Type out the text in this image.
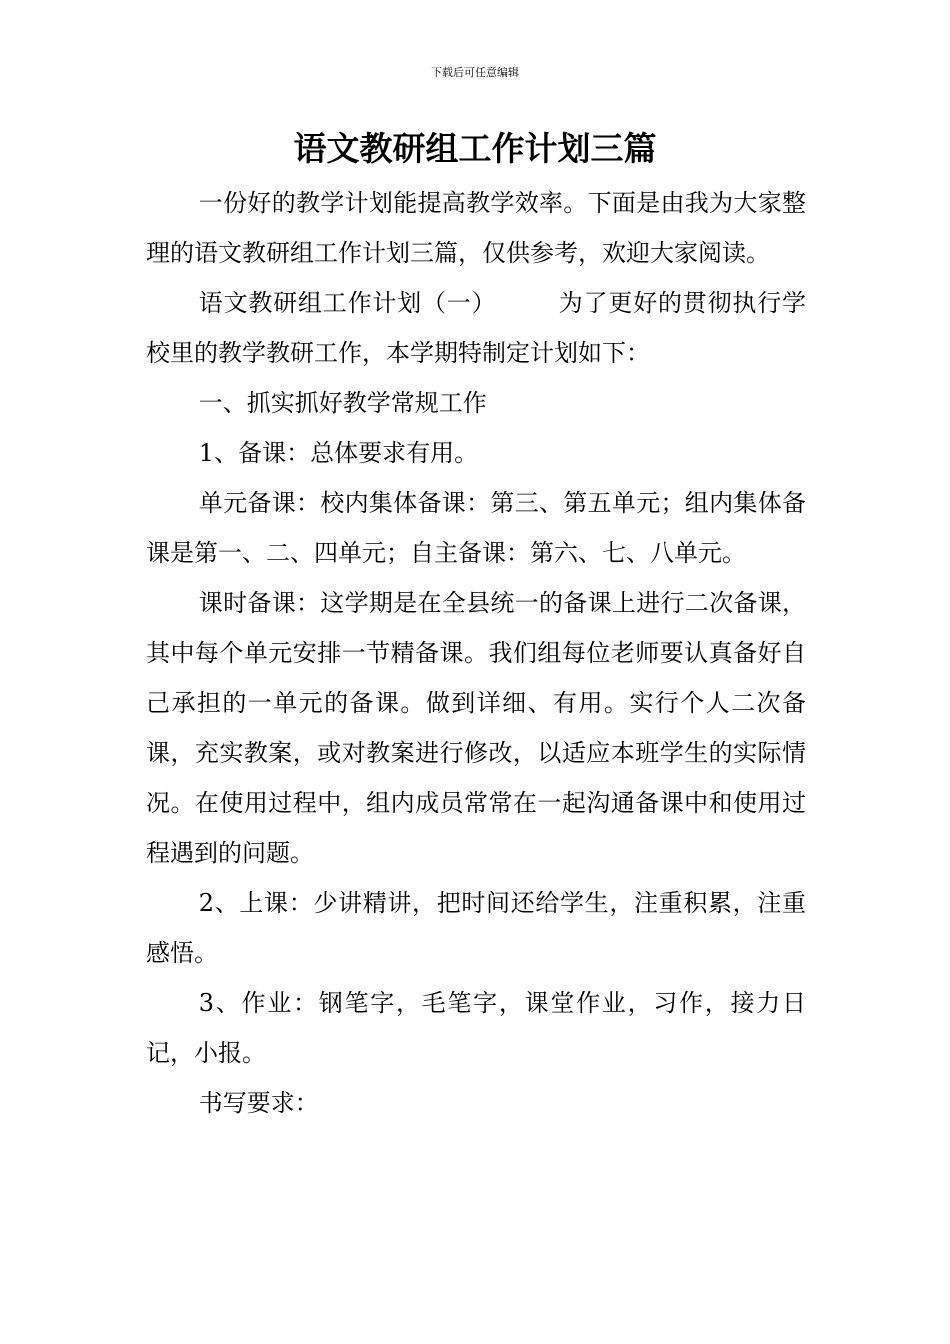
下载后可任意编辑
语文教研组工作计划三篇

一份好的教学计划能提高教学效率。下面是由我为大家整理的语文教研组工作计划三篇，仅供参考，欢迎大家阅读。

语文教研组工作计划（一）　　　为了更好的贯彻执行学校里的教学教研工作，本学期特制定计划如下：

一、抓实抓好教学常规工作

1、备课：总体要求有用。

单元备课：校内集体备课：第三、第五单元；组内集体备课是第一、二、四单元；自主备课：第六、七、八单元。

课时备课：这学期是在全县统一的备课上进行二次备课，其中每个单元安排一节精备课。我们组每位老师要认真备好自己承担的一单元的备课。做到详细、有用。实行个人二次备课，充实教案，或对教案进行修改，以适应本班学生的实际情况。在使用过程中，组内成员常常在一起沟通备课中和使用过程遇到的问题。

2、上课：少讲精讲，把时间还给学生，注重积累，注重感悟。

3、作业：钢笔字，毛笔字，课堂作业，习作，接力日记，小报。

书写要求：
